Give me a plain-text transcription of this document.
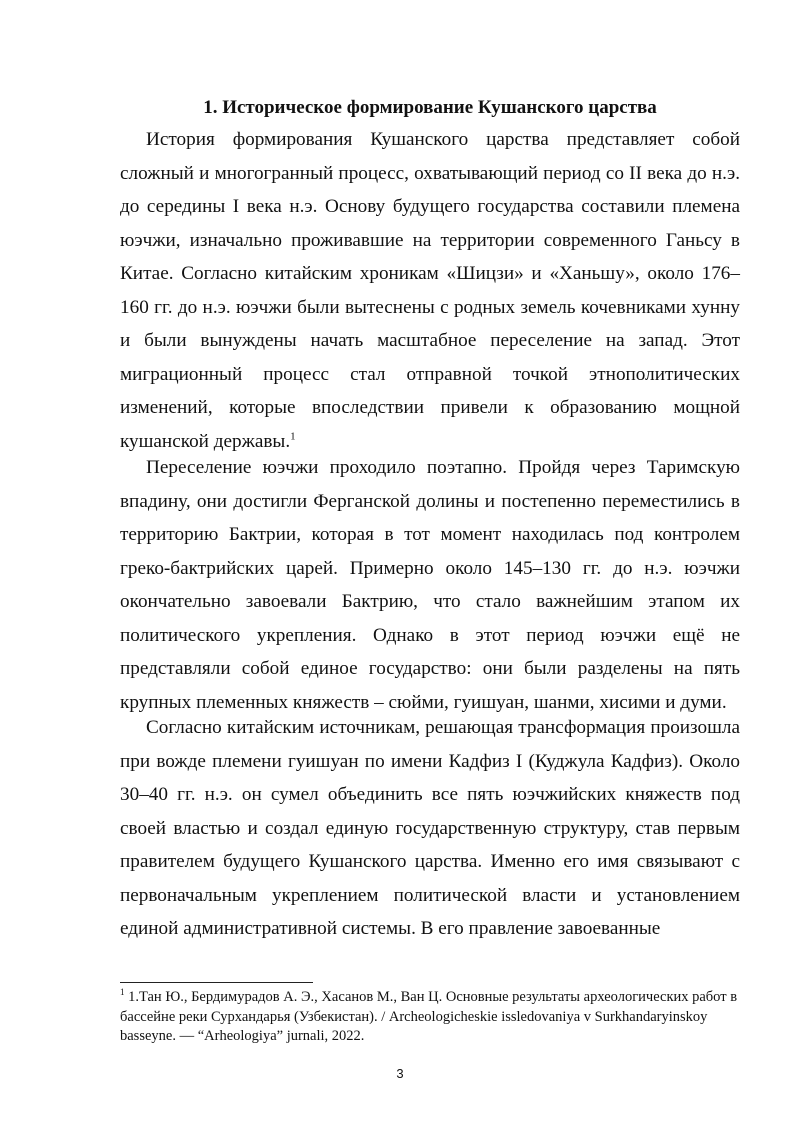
1. Историческое формирование Кушанского царства

История формирования Кушанского царства представляет собой сложный и многогранный процесс, охватывающий период со II века до н.э. до середины I века н.э. Основу будущего государства составили племена юэчжи, изначально проживавшие на территории современного Ганьсу в Китае. Согласно китайским хроникам «Шицзи» и «Ханьшу», около 176–160 гг. до н.э. юэчжи были вытеснены с родных земель кочевниками хунну и были вынуждены начать масштабное переселение на запад. Этот миграционный процесс стал отправной точкой этнополитических изменений, которые впоследствии привели к образованию мощной кушанской державы.$^1$

Переселение юэчжи проходило поэтапно. Пройдя через Таримскую впадину, они достигли Ферганской долины и постепенно переместились в территорию Бактрии, которая в тот момент находилась под контролем греко-бактрийских царей. Примерно около 145–130 гг. до н.э. юэчжи окончательно завоевали Бактрию, что стало важнейшим этапом их политического укрепления. Однако в этот период юэчжи ещё не представляли собой единое государство: они были разделены на пять крупных племенных княжеств – сюйми, гуишуан, шанми, хисими и думи.

Согласно китайским источникам, решающая трансформация произошла при вожде племени гуишуан по имени Кадфиз I (Куджула Кадфиз). Около 30–40 гг. н.э. он сумел объединить все пять юэчжийских княжеств под своей властью и создал единую государственную структуру, став первым правителем будущего Кушанского царства. Именно его имя связывают с первоначальным укреплением политической власти и установлением единой административной системы. В его правление завоеванные

$^1$ 1.Тан Ю., Бердимурадов А. Э., Хасанов М., Ван Ц. Основные результаты археологических работ в бассейне реки Сурхандарья (Узбекистан). / Archeologicheskie issledovaniya v Surkhandaryinskoy basseyne. — “Arheologiya” jurnali, 2022.

3
